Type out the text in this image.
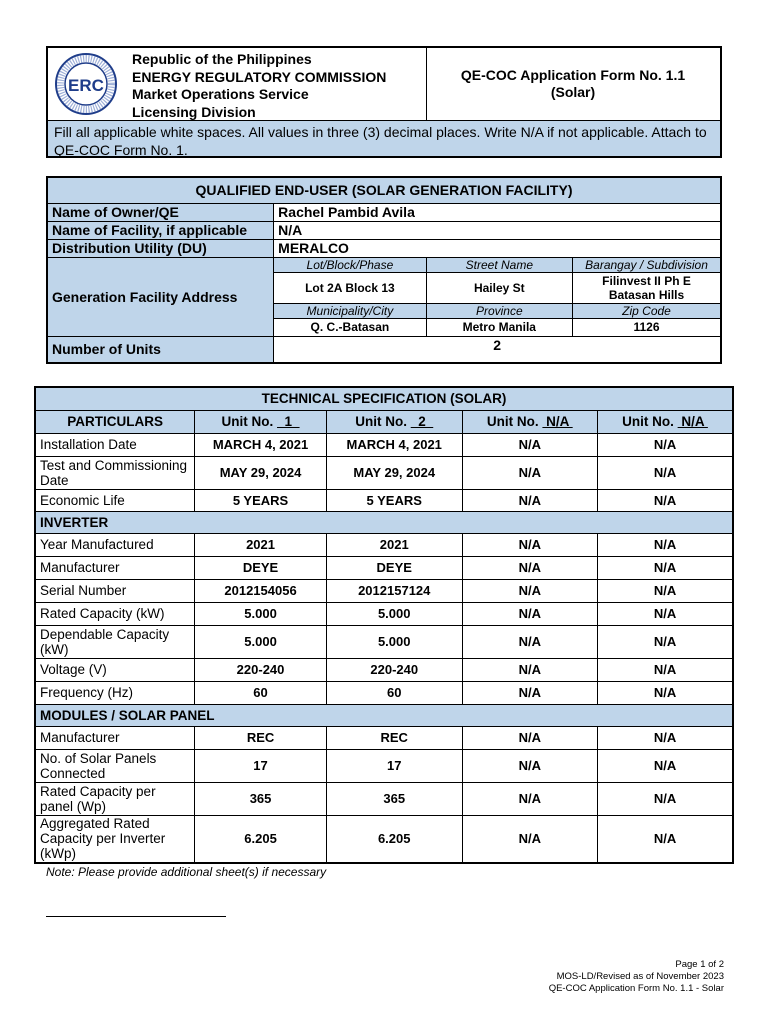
ERC
Republic of the Philippines
ENERGY REGULATORY COMMISSION
Market Operations Service
Licensing Division
QE-COC Application Form No. 1.1
(Solar)
Fill all applicable white spaces. All values in three (3) decimal places. Write N/A if not applicable. Attach to QE-COC Form No. 1.
QUALIFIED END-USER (SOLAR GENERATION FACILITY)			
Name of Owner/QE	Rachel Pambid Avila		
Name of Facility, if applicable	N/A		
Distribution Utility (DU)	MERALCO		
Generation Facility Address	Lot/Block/Phase	Street Name	Barangay / Subdivision
	Lot 2A Block 13	Hailey St	Filinvest II Ph E
Batasan Hills

	Municipality/City	Province	Zip Code
	Q. C.-Batasan	Metro Manila	1126
Number of Units	2		
TECHNICAL SPECIFICATION (SOLAR)				
PARTICULARS	Unit No.   1	Unit No.   2	Unit No.  N/A	Unit No.  N/A
Installation Date	MARCH 4, 2021	MARCH 4, 2021	N/A	N/A
Test and Commissioning Date	MAY 29, 2024	MAY 29, 2024	N/A	N/A
Economic Life	5 YEARS	5 YEARS	N/A	N/A
INVERTER				
Year Manufactured	2021	2021	N/A	N/A
Manufacturer	DEYE	DEYE	N/A	N/A
Serial Number	2012154056	2012157124	N/A	N/A
Rated Capacity (kW)	5.000	5.000	N/A	N/A
Dependable Capacity (kW)	5.000	5.000	N/A	N/A
Voltage (V)	220-240	220-240	N/A	N/A
Frequency (Hz)	60	60	N/A	N/A
MODULES / SOLAR PANEL				
Manufacturer	REC	REC	N/A	N/A
No. of Solar Panels Connected	17	17	N/A	N/A
Rated Capacity per panel (Wp)	365	365	N/A	N/A
Aggregated Rated Capacity per Inverter (kWp)	6.205	6.205	N/A	N/A
Note: Please provide additional sheet(s) if necessary
Page 1 of 2
MOS-LD/Revised as of November 2023
QE-COC Application Form No. 1.1 - Solar
